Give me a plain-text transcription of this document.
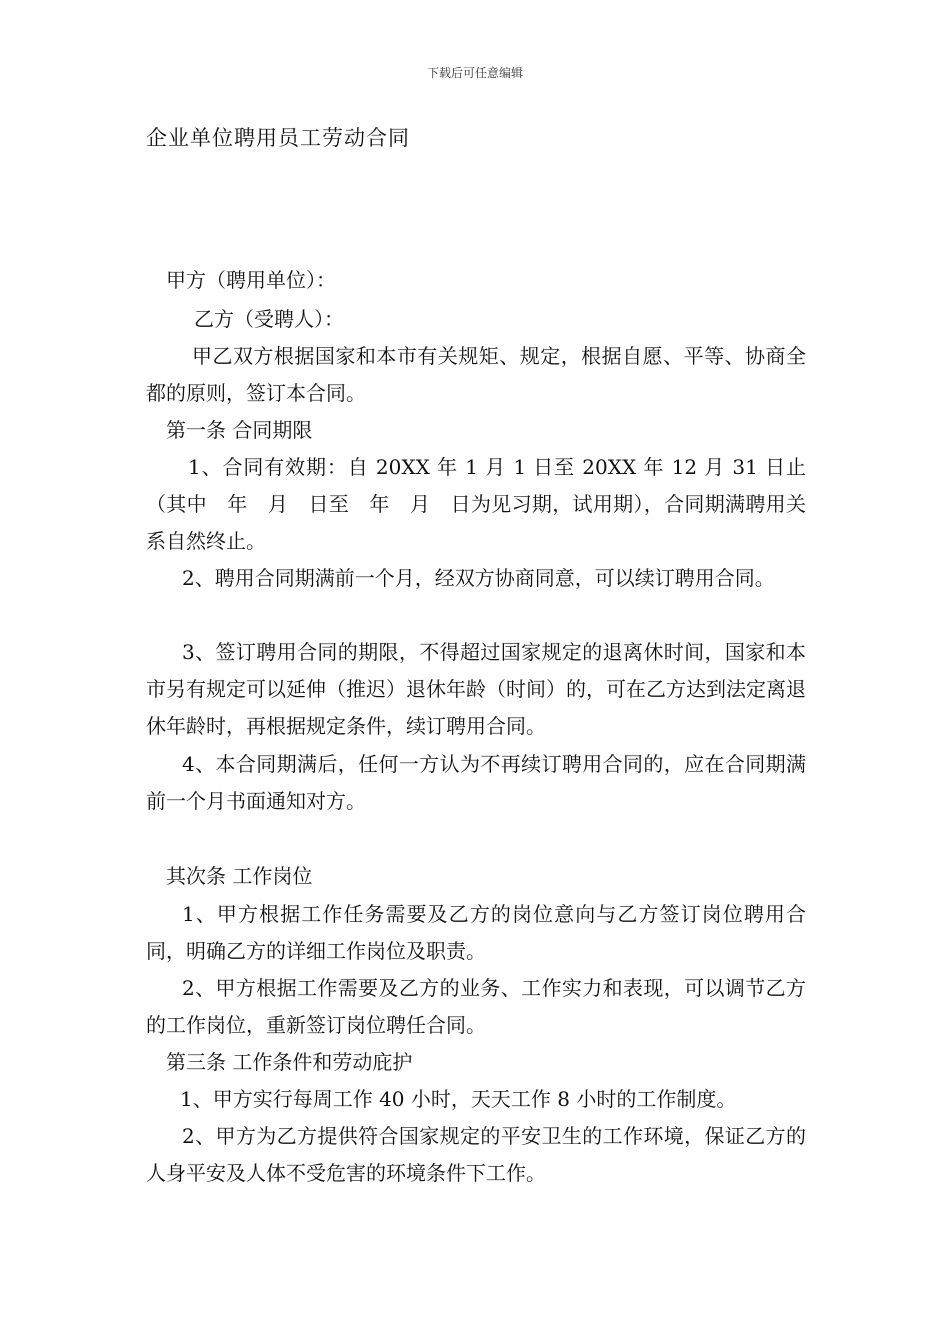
下载后可任意编辑
企业单位聘用员工劳动合同
甲方（聘用单位）：
乙方（受聘人）：
甲乙双方根据国家和本市有关规矩、规定，根据自愿、平等、协商全都的原则，签订本合同。
第一条 合同期限
1、合同有效期：自 20XX 年 1 月 1 日至 20XX 年 12 月 31 日止（其中　年　月　日至　年　月　日为见习期，试用期），合同期满聘用关系自然终止。
2、聘用合同期满前一个月，经双方协商同意，可以续订聘用合同。
3、签订聘用合同的期限，不得超过国家规定的退离休时间，国家和本市另有规定可以延伸（推迟）退休年龄（时间）的，可在乙方达到法定离退休年龄时，再根据规定条件，续订聘用合同。
4、本合同期满后，任何一方认为不再续订聘用合同的，应在合同期满前一个月书面通知对方。
其次条 工作岗位
1、甲方根据工作任务需要及乙方的岗位意向与乙方签订岗位聘用合同，明确乙方的详细工作岗位及职责。
2、甲方根据工作需要及乙方的业务、工作实力和表现，可以调节乙方的工作岗位，重新签订岗位聘任合同。
第三条 工作条件和劳动庇护
1、甲方实行每周工作 40 小时，天天工作 8 小时的工作制度。
2、甲方为乙方提供符合国家规定的平安卫生的工作环境，保证乙方的人身平安及人体不受危害的环境条件下工作。
